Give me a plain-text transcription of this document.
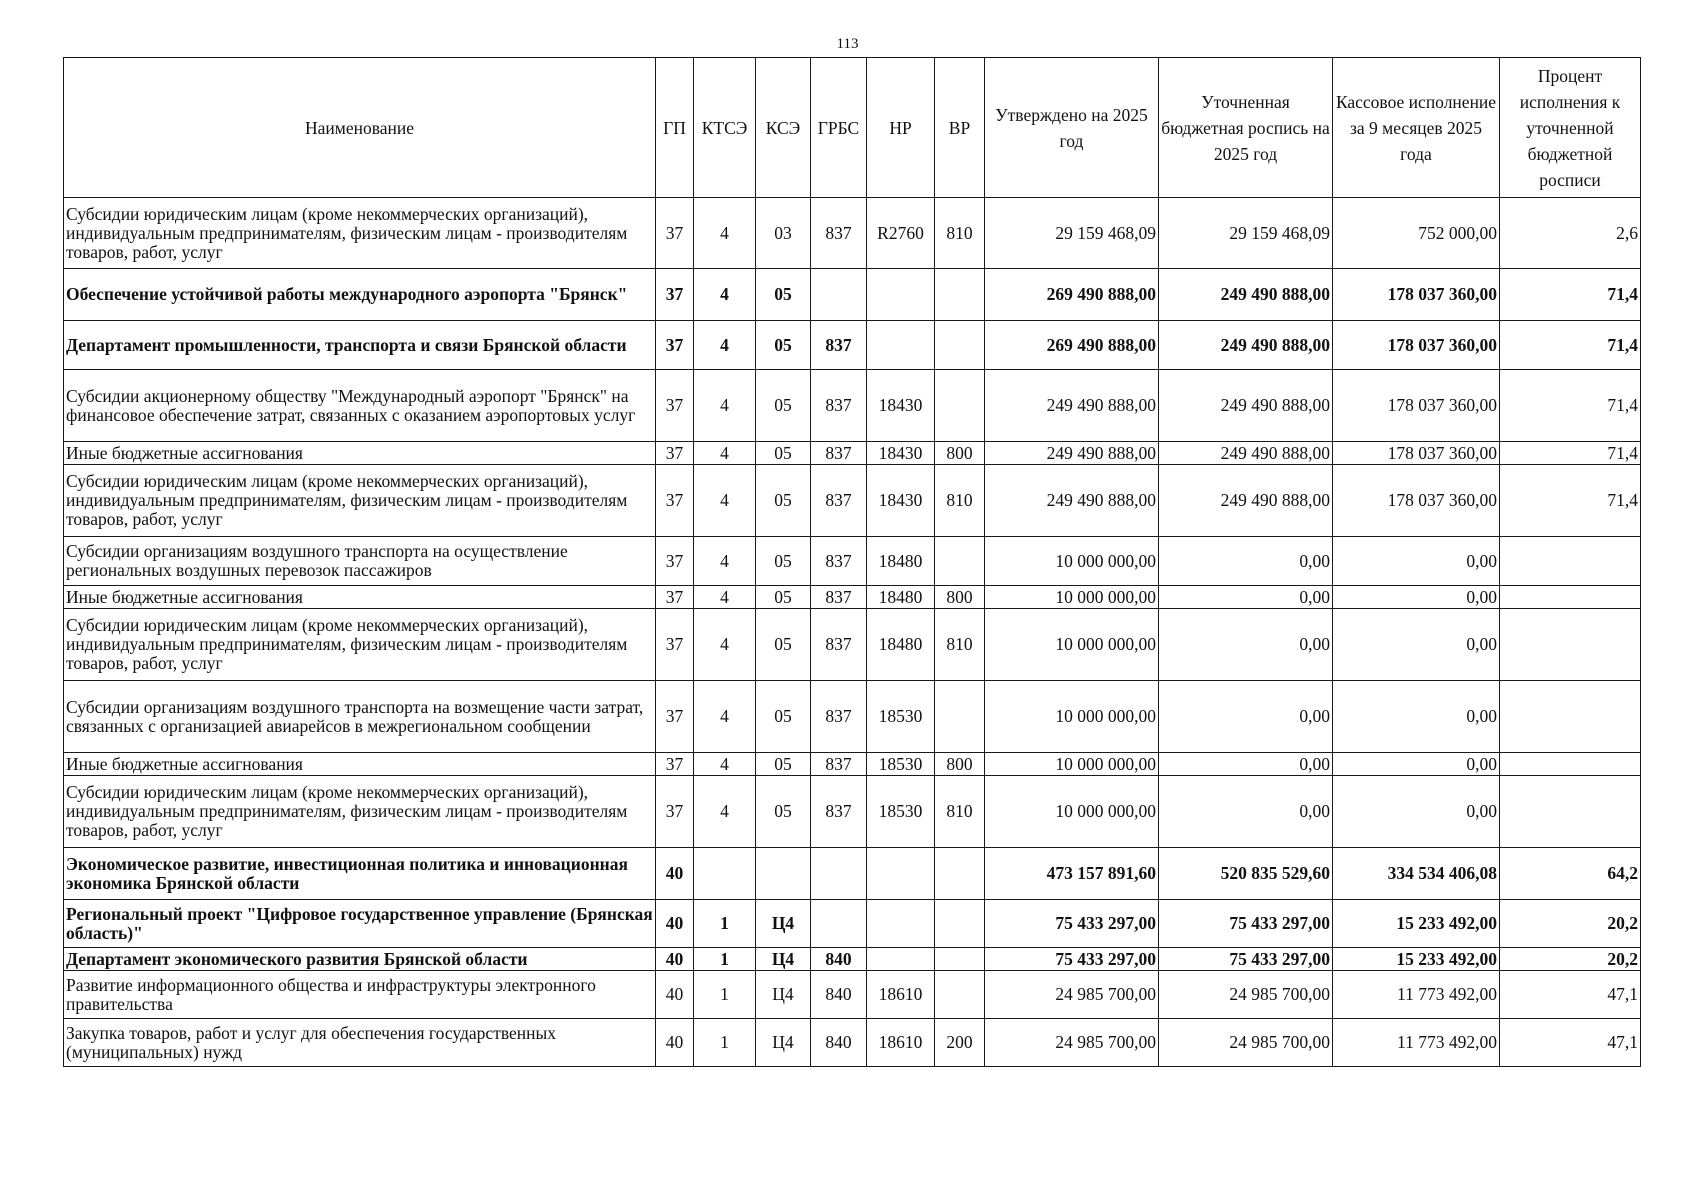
113
Наименование	ГП	КТСЭ	КСЭ	ГРБС	НР	ВР	Утверждено на 2025 год	Уточненная бюджетная роспись на 2025 год	Кассовое исполнение за 9 месяцев 2025 года	Процент исполнения к уточненной бюджетной росписи
Субсидии юридическим лицам (кроме некоммерческих организаций), индивидуальным предпринимателям, физическим лицам - производителям товаров, работ, услуг	37	4	03	837	R2760	810	29 159 468,09	29 159 468,09	752 000,00	2,6
Обеспечение устойчивой работы международного аэропорта "Брянск"	37	4	05				269 490 888,00	249 490 888,00	178 037 360,00	71,4
Департамент промышленности, транспорта и связи Брянской области	37	4	05	837			269 490 888,00	249 490 888,00	178 037 360,00	71,4
Субсидии акционерному обществу "Международный аэропорт "Брянск" на финансовое обеспечение затрат, связанных с оказанием аэропортовых услуг	37	4	05	837	18430		249 490 888,00	249 490 888,00	178 037 360,00	71,4
Иные бюджетные ассигнования	37	4	05	837	18430	800	249 490 888,00	249 490 888,00	178 037 360,00	71,4
Субсидии юридическим лицам (кроме некоммерческих организаций), индивидуальным предпринимателям, физическим лицам - производителям товаров, работ, услуг	37	4	05	837	18430	810	249 490 888,00	249 490 888,00	178 037 360,00	71,4
Субсидии организациям воздушного транспорта на осуществление региональных воздушных перевозок пассажиров	37	4	05	837	18480		10 000 000,00	0,00	0,00	
Иные бюджетные ассигнования	37	4	05	837	18480	800	10 000 000,00	0,00	0,00	
Субсидии юридическим лицам (кроме некоммерческих организаций), индивидуальным предпринимателям, физическим лицам - производителям товаров, работ, услуг	37	4	05	837	18480	810	10 000 000,00	0,00	0,00	
Субсидии организациям воздушного транспорта на возмещение части затрат, связанных с организацией авиарейсов в межрегиональном сообщении	37	4	05	837	18530		10 000 000,00	0,00	0,00	
Иные бюджетные ассигнования	37	4	05	837	18530	800	10 000 000,00	0,00	0,00	
Субсидии юридическим лицам (кроме некоммерческих организаций), индивидуальным предпринимателям, физическим лицам - производителям товаров, работ, услуг	37	4	05	837	18530	810	10 000 000,00	0,00	0,00	
Экономическое развитие, инвестиционная политика и инновационная экономика Брянской области	40						473 157 891,60	520 835 529,60	334 534 406,08	64,2
Региональный проект "Цифровое государственное управление (Брянская область)"	40	1	Ц4				75 433 297,00	75 433 297,00	15 233 492,00	20,2
Департамент экономического развития Брянской области	40	1	Ц4	840			75 433 297,00	75 433 297,00	15 233 492,00	20,2
Развитие информационного общества и инфраструктуры электронного правительства	40	1	Ц4	840	18610		24 985 700,00	24 985 700,00	11 773 492,00	47,1
Закупка товаров, работ и услуг для обеспечения государственных (муниципальных) нужд	40	1	Ц4	840	18610	200	24 985 700,00	24 985 700,00	11 773 492,00	47,1
